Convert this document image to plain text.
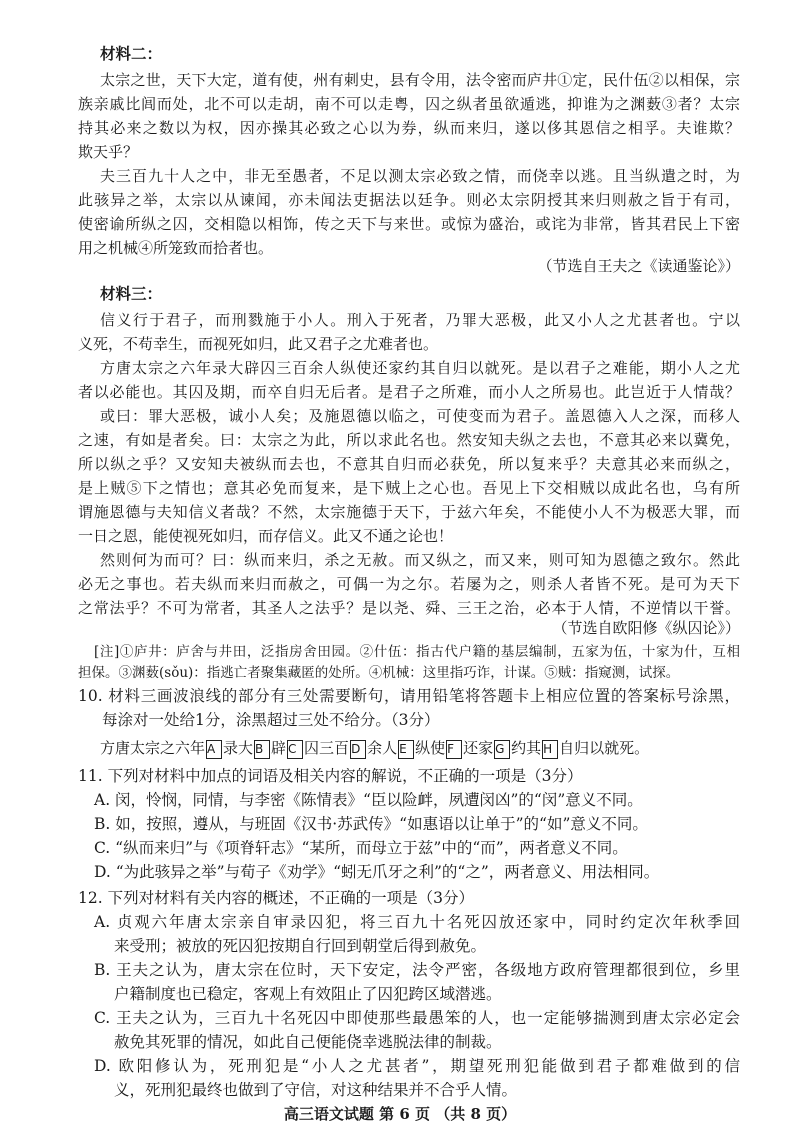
材料二：
太宗之世，天下大定，道有使，州有刺史，县有令用，法令密而庐井①定，民什伍②以相保，宗
族亲戚比闾而处，北不可以走胡，南不可以走粤，囚之纵者虽欲遁逃，抑谁为之渊薮③者？太宗
持其必来之数以为权，因亦操其必致之心以为券，纵而来归，遂以侈其恩信之相孚。夫谁欺？
欺天乎？
夫三百九十人之中，非无至愚者，不足以测太宗必致之情，而侥幸以逃。且当纵遣之时，为
此骇异之举，太宗以从谏闻，亦未闻法吏据法以廷争。则必太宗阴授其来归则赦之旨于有司，
使密谕所纵之囚，交相隐以相饰，传之天下与来世。或惊为盛治，或诧为非常，皆其君民上下密
用之机械④所笼致而拾者也。
（节选自王夫之《读通鉴论》）
材料三：
信义行于君子，而刑戮施于小人。刑入于死者，乃罪大恶极，此又小人之尤甚者也。宁以
义死，不苟幸生，而视死如归，此又君子之尤难者也。
方唐太宗之六年录大辟囚三百余人纵使还家约其自归以就死。是以君子之难能，期小人之尤
者以必能也。其囚及期，而卒自归无后者。是君子之所难，而小人之所易也。此岂近于人情哉？
或曰：罪大恶极，诚小人矣；及施恩德以临之，可使变而为君子。盖恩德入人之深，而移人
之速，有如是者矣。曰：太宗之为此，所以求此名也。然安知夫纵之去也，不意其必来以冀免，
所以纵之乎？又安知夫被纵而去也，不意其自归而必获免，所以复来乎？夫意其必来而纵之，
是上贼⑤下之情也；意其必免而复来，是下贼上之心也。吾见上下交相贼以成此名也，乌有所
谓施恩德与夫知信义者哉？不然，太宗施德于天下，于兹六年矣，不能使小人不为极恶大罪，而
一日之恩，能使视死如归，而存信义。此又不通之论也！
然则何为而可？曰：纵而来归，杀之无赦。而又纵之，而又来，则可知为恩德之致尔。然此
必无之事也。若夫纵而来归而赦之，可偶一为之尔。若屡为之，则杀人者皆不死。是可为天下
之常法乎？不可为常者，其圣人之法乎？是以尧、舜、三王之治，必本于人情，不逆情以干誉。
（节选自欧阳修《纵囚论》）
[注]①庐井：庐舍与井田，泛指房舍田园。②什伍：指古代户籍的基层编制，五家为伍，十家为什，互相
担保。③渊薮(sǒu)：指逃亡者聚集藏匿的处所。④机械：这里指巧诈，计谋。⑤贼：指窥测，试探。
10. 材料三画波浪线的部分有三处需要断句，请用铅笔将答题卡上相应位置的答案标号涂黑，
每涂对一处给1分，涂黑超过三处不给分。（3分）
方唐太宗之六年 A 录大 B 辟 C 囚三百 D 余人 E 纵使 F 还家 G 约其 H 自归以就死。
11. 下列对材料中加点的词语及相关内容的解说，不正确的一项是（3分）
A. 闵，怜悯，同情，与李密《陈情表》“臣以险衅，夙遭闵凶”的“闵”意义不同。
B. 如，按照，遵从，与班固《汉书·苏武传》“如惠语以让单于”的“如”意义不同。
C. “纵而来归”与《项脊轩志》“某所，而母立于兹”中的“而”，两者意义不同。
D. “为此骇异之举”与荀子《劝学》“蚓无爪牙之利”的“之”，两者意义、用法相同。
12. 下列对材料有关内容的概述，不正确的一项是（3分）
A. 贞观六年唐太宗亲自审录囚犯，将三百九十名死囚放还家中，同时约定次年秋季回
来受刑；被放的死囚犯按期自行回到朝堂后得到赦免。
B. 王夫之认为，唐太宗在位时，天下安定，法令严密，各级地方政府管理都很到位，乡里
户籍制度也已稳定，客观上有效阻止了囚犯跨区域潜逃。
C. 王夫之认为，三百九十名死囚中即使那些最愚笨的人，也一定能够揣测到唐太宗必定会
赦免其死罪的情况，如此自己便能侥幸逃脱法律的制裁。
D. 欧阳修认为，死刑犯是“小人之尤甚者”，期望死刑犯能做到君子都难做到的信
义，死刑犯最终也做到了守信，对这种结果并不合乎人情。
高三语文试题 第 6 页 （共 8 页）
